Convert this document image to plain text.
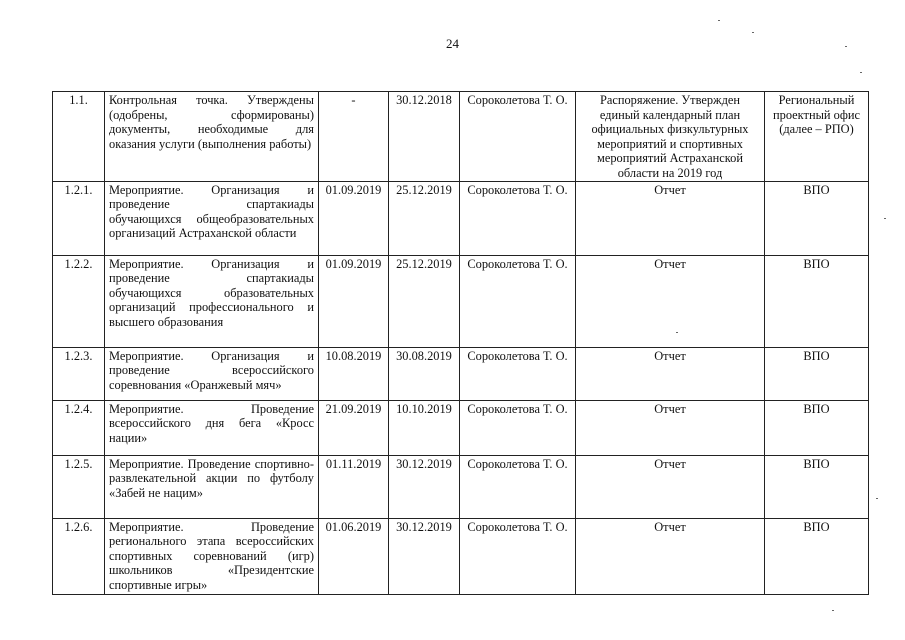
24
1.1.	Контрольная точка. Утверждены (одобрены, сформированы) документы, необходимые для оказания услуги (выполнения работы)	-	30.12.2018	Сороколетова Т. О.	Распоряжение. Утвержден единый календарный план официальных физкультурных мероприятий и спортивных мероприятий Астраханской области на 2019 год	Региональный проектный офис (далее – РПО)
1.2.1.	Мероприятие. Организация и проведение спартакиады обучающихся общеобразовательных организаций Астраханской области	01.09.2019	25.12.2019	Сороколетова Т. О.	Отчет	ВПО
1.2.2.	Мероприятие. Организация и проведение спартакиады обучающихся образовательных организаций профессионального и высшего образования	01.09.2019	25.12.2019	Сороколетова Т. О.	Отчет	ВПО
1.2.3.	Мероприятие. Организация и проведение всероссийского соревнования «Оранжевый мяч»	10.08.2019	30.08.2019	Сороколетова Т. О.	Отчет	ВПО
1.2.4.	Мероприятие. Проведение всероссийского дня бега «Кросс нации»	21.09.2019	10.10.2019	Сороколетова Т. О.	Отчет	ВПО
1.2.5.	Мероприятие. Проведение спортивно-развлекательной акции по футболу «Забей не нацим»	01.11.2019	30.12.2019	Сороколетова Т. О.	Отчет	ВПО
1.2.6.	Мероприятие. Проведение регионального этапа всероссийских спортивных соревнований (игр) школьников «Президентские спортивные игры»	01.06.2019	30.12.2019	Сороколетова Т. О.	Отчет	ВПО
